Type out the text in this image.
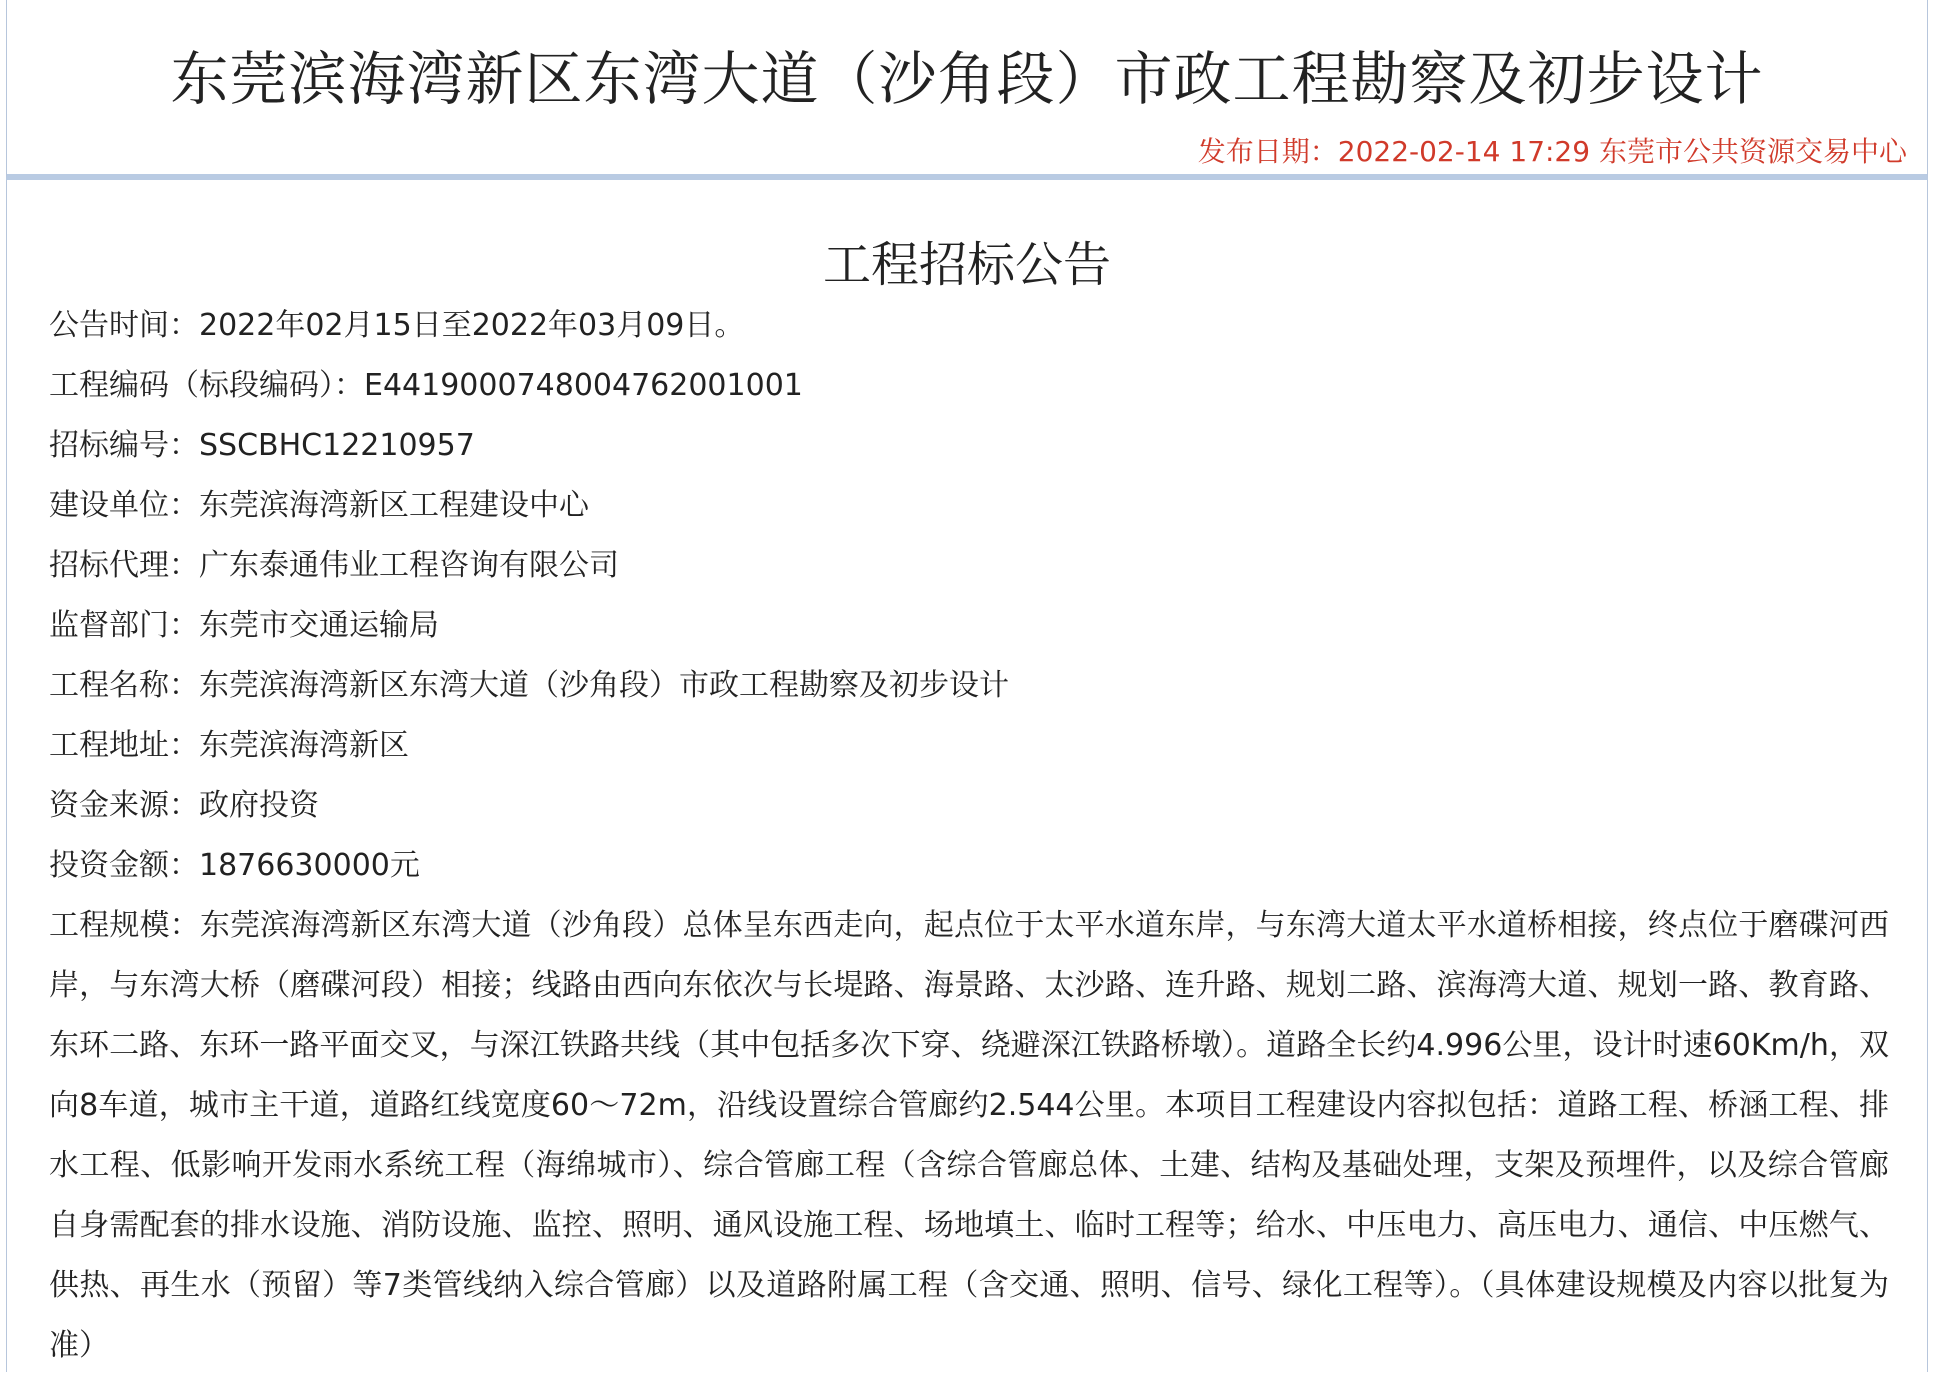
东莞滨海湾新区东湾大道（沙角段）市政工程勘察及初步设计
发布日期：2022-02-14 17:29 东莞市公共资源交易中心
工程招标公告
公告时间：2022年02月15日至2022年03月09日。
工程编码（标段编码）：E4419000748004762001001
招标编号：SSCBHC12210957
建设单位：东莞滨海湾新区工程建设中心
招标代理：广东泰通伟业工程咨询有限公司
监督部门：东莞市交通运输局
工程名称：东莞滨海湾新区东湾大道（沙角段）市政工程勘察及初步设计
工程地址：东莞滨海湾新区
资金来源：政府投资
投资金额：1876630000元
工程规模：东莞滨海湾新区东湾大道（沙角段）总体呈东西走向，起点位于太平水道东岸，与东湾大道太平水道桥相接，终点位于磨碟河西岸，与东湾大桥（磨碟河段）相接；线路由西向东依次与长堤路、海景路、太沙路、连升路、规划二路、滨海湾大道、规划一路、教育路、东环二路、东环一路平面交叉，与深江铁路共线（其中包括多次下穿、绕避深江铁路桥墩）。道路全长约4.996公里，设计时速60Km/h，双向8车道，城市主干道，道路红线宽度60～72m，沿线设置综合管廊约2.544公里。本项目工程建设内容拟包括：道路工程、桥涵工程、排水工程、低影响开发雨水系统工程（海绵城市）、综合管廊工程（含综合管廊总体、土建、结构及基础处理，支架及预埋件，以及综合管廊自身需配套的排水设施、消防设施、监控、照明、通风设施工程、场地填土、临时工程等；给水、中压电力、高压电力、通信、中压燃气、供热、再生水（预留）等7类管线纳入综合管廊）以及道路附属工程（含交通、照明、信号、绿化工程等）。（具体建设规模及内容以批复为准）
